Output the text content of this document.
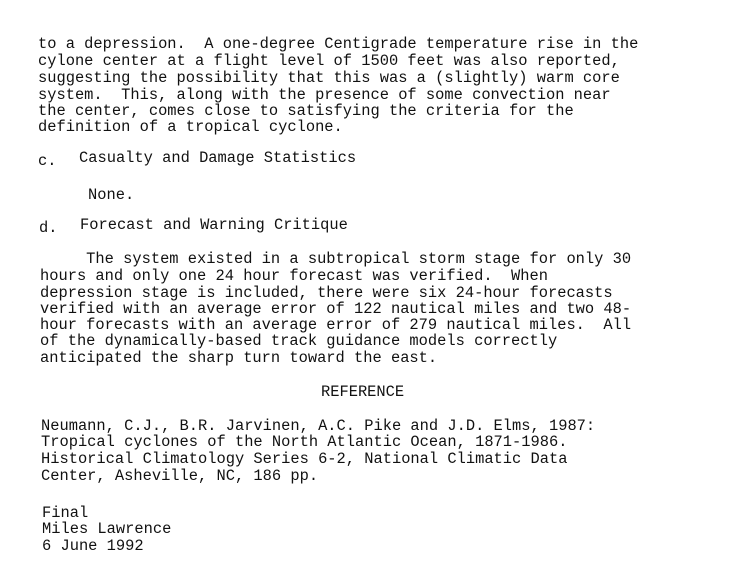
to a depression.  A one-degree Centigrade temperature rise in the

cylone center at a flight level of 1500 feet was also reported,

suggesting the possibility that this was a (slightly) warm core

system.  This, along with the presence of some convection near

the center, comes close to satisfying the criteria for the

definition of a tropical cyclone.

c. Casualty and Damage Statistics

None.

d. Forecast and Warning Critique

The system existed in a subtropical storm stage for only 30

hours and only one 24 hour forecast was verified.  When

depression stage is included, there were six 24-hour forecasts

verified with an average error of 122 nautical miles and two 48-

hour forecasts with an average error of 279 nautical miles.  All

of the dynamically-based track guidance models correctly

anticipated the sharp turn toward the east.

REFERENCE

Neumann, C.J., B.R. Jarvinen, A.C. Pike and J.D. Elms, 1987:

Tropical cyclones of the North Atlantic Ocean, 1871-1986.

Historical Climatology Series 6-2, National Climatic Data

Center, Asheville, NC, 186 pp.

Final

Miles Lawrence

6 June 1992
